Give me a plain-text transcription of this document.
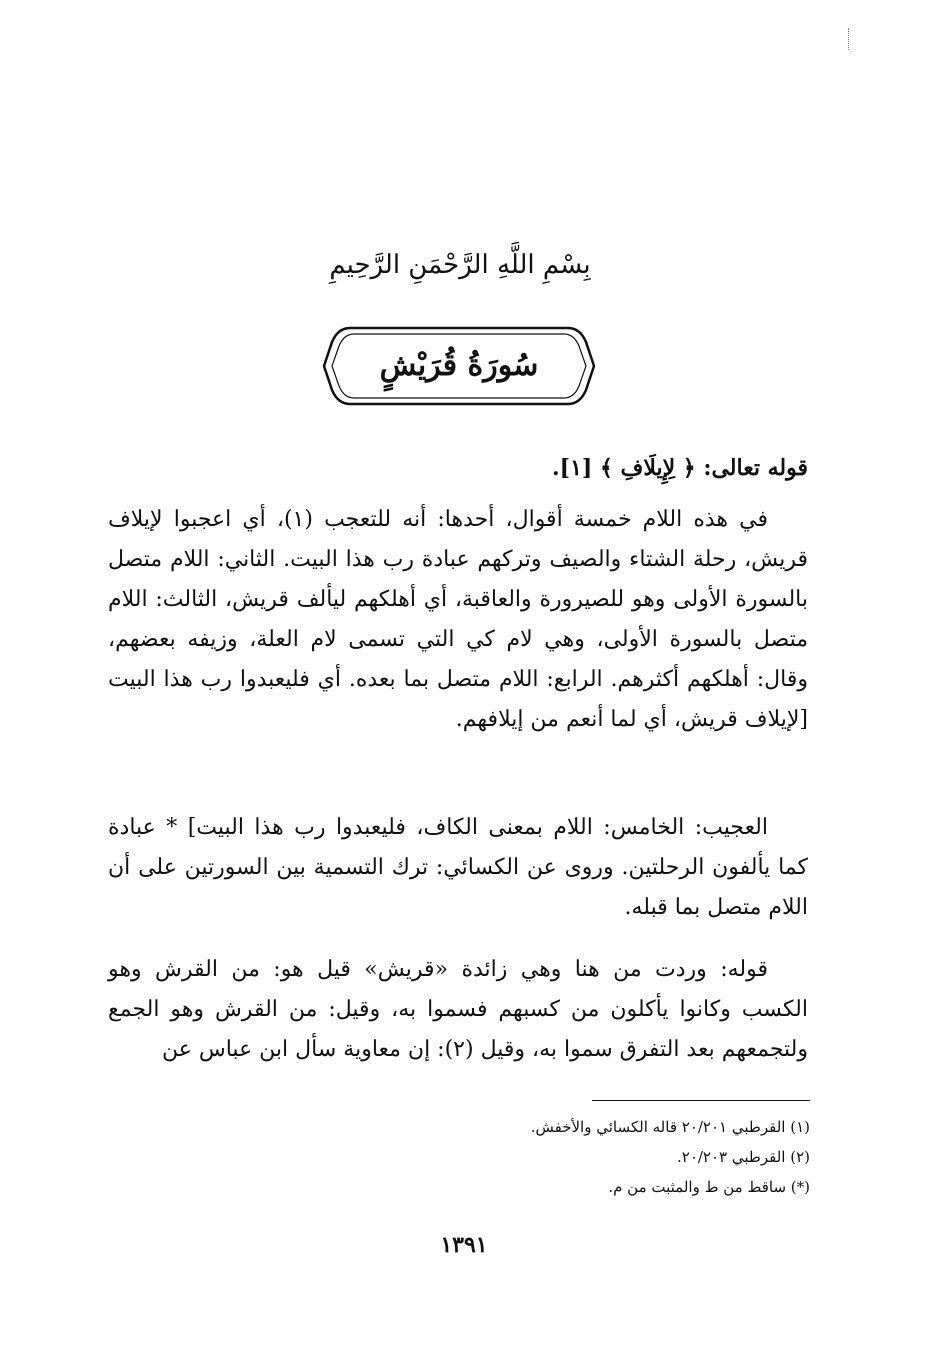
بِسْمِ اللَّهِ الرَّحْمَنِ الرَّحِيمِ
سُورَةُ قُرَيْشٍ
قوله تعالى: ﴿ لِإِيلَافِ ﴾ [١].

في هذه اللام خمسة أقوال، أحدها: أنه للتعجب (١)، أي اعجبوا لإيلاف قريش، رحلة الشتاء والصيف وتركهم عبادة رب هذا البيت. الثاني: اللام متصل بالسورة الأولى وهو للصيرورة والعاقبة، أي أهلكهم ليألف قريش، الثالث: اللام متصل بالسورة الأولى، وهي لام كي التي تسمى لام العلة، وزيفه بعضهم، وقال: أهلكهم أكثرهم. الرابع: اللام متصل بما بعده. أي فليعبدوا رب هذا البيت [لإيلاف قريش، أي لما أنعم من إيلافهم.

العجيب: الخامس: اللام بمعنى الكاف، فليعبدوا رب هذا البيت] * عبادة كما يألفون الرحلتين. وروى عن الكسائي: ترك التسمية بين السورتين على أن اللام متصل بما قبله.

قوله: وردت من هنا وهي زائدة «قريش» قيل هو: من القرش وهو الكسب وكانوا يأكلون من كسبهم فسموا به، وقيل: من القرش وهو الجمع ولتجمعهم بعد التفرق سموا به، وقيل (٢): إن معاوية سأل ابن عباس عن

(١) القرطبي ٢٠/٢٠١ قاله الكسائي والأخفش.
(٢) القرطبي ٢٠/٢٠٣.
(*) ساقط من ط والمثبت من م.
١٣٩١
